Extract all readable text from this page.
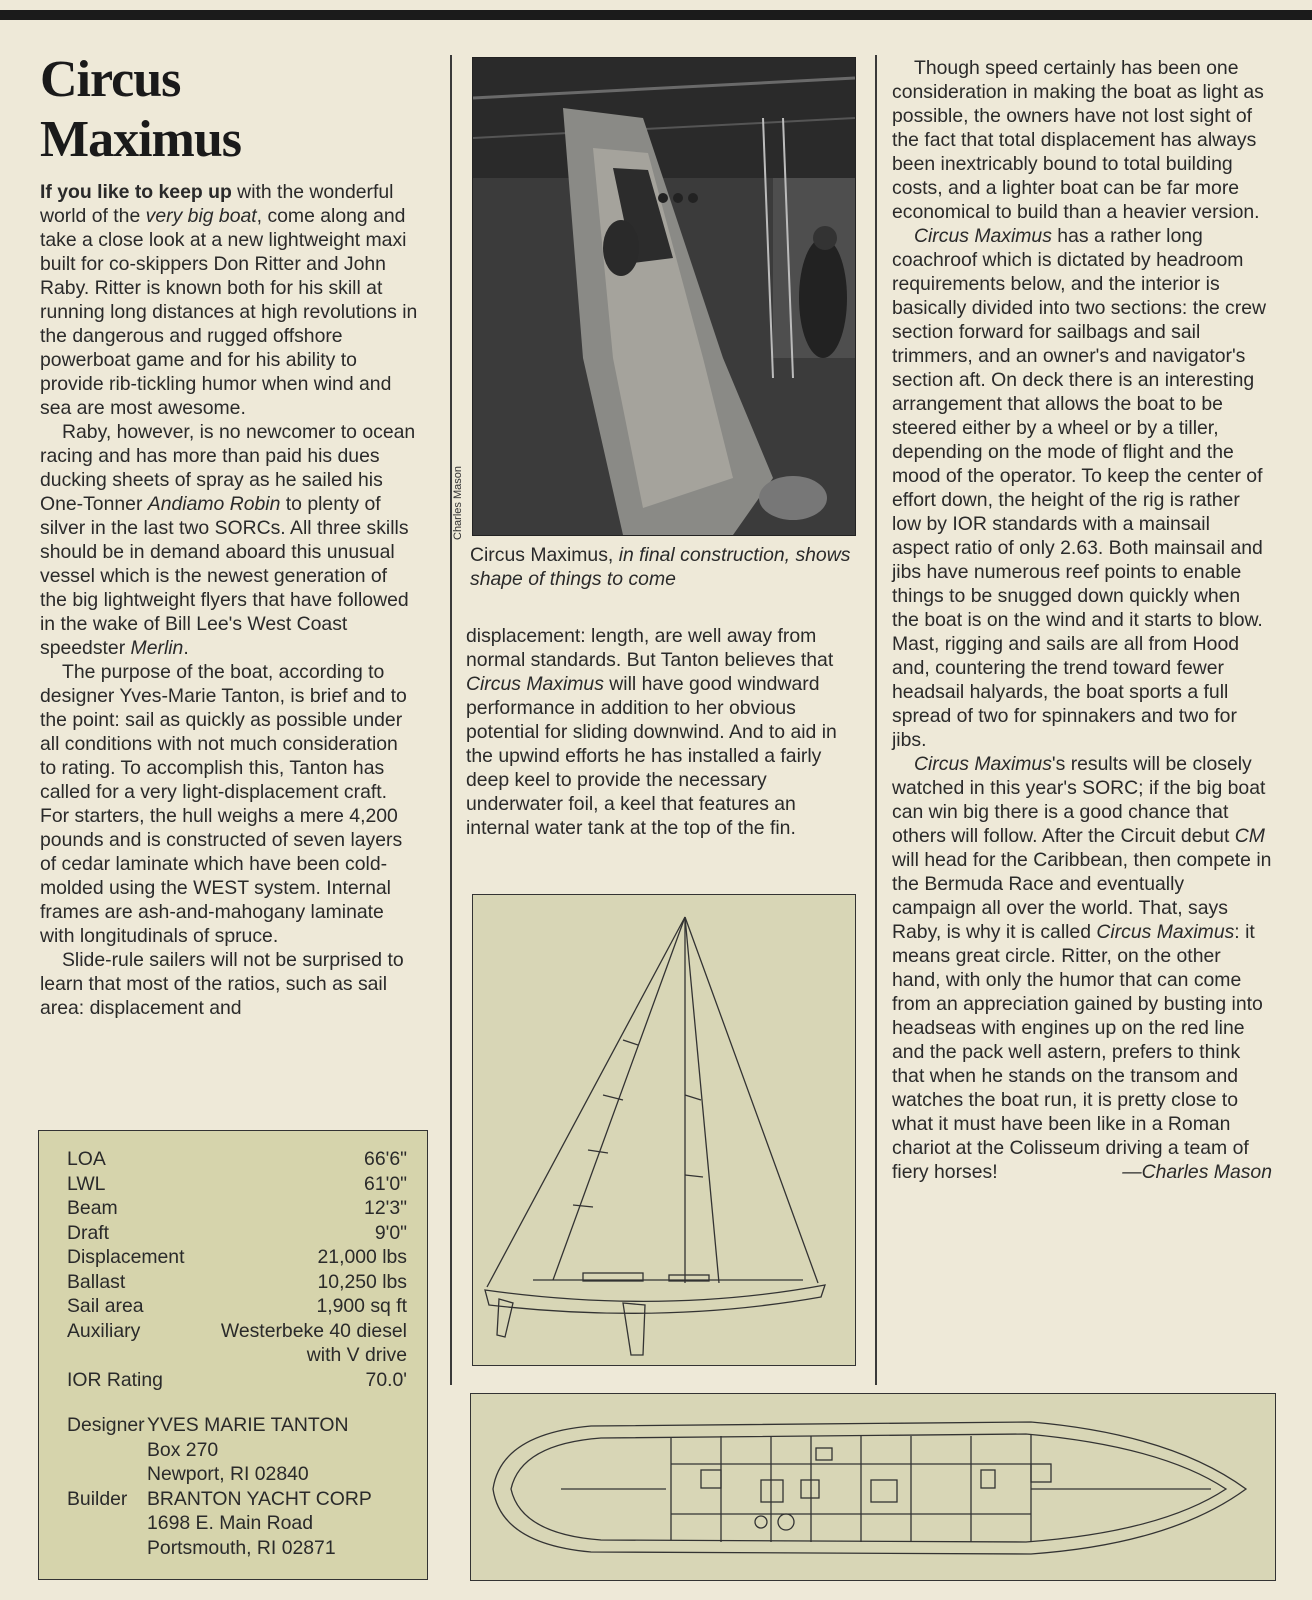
Circus
Maximus

If you like to keep up with the wonderful world of the very big boat, come along and take a close look at a new lightweight maxi built for co-skippers Don Ritter and John Raby. Ritter is known both for his skill at running long distances at high revolutions in the dangerous and rugged offshore powerboat game and for his ability to provide rib-tickling humor when wind and sea are most awesome.

Raby, however, is no newcomer to ocean racing and has more than paid his dues ducking sheets of spray as he sailed his One-Tonner Andiamo Robin to plenty of silver in the last two SORCs. All three skills should be in demand aboard this unusual vessel which is the newest generation of the big lightweight flyers that have followed in the wake of Bill Lee's West Coast speedster Merlin.

The purpose of the boat, according to designer Yves-Marie Tanton, is brief and to the point: sail as quickly as possible under all conditions with not much consideration to rating. To accomplish this, Tanton has called for a very light-displacement craft. For starters, the hull weighs a mere 4,200 pounds and is constructed of seven layers of cedar laminate which have been cold-molded using the WEST system. Internal frames are ash-and-mahogany laminate with longitudinals of spruce.

Slide-rule sailers will not be surprised to learn that most of the ratios, such as sail area: displacement and

Charles Mason
Circus Maximus, in final construction, shows shape of things to come

displacement: length, are well away from normal standards. But Tanton believes that Circus Maximus will have good windward performance in addition to her obvious potential for sliding downwind. And to aid in the upwind efforts he has installed a fairly deep keel to provide the necessary underwater foil, a keel that features an internal water tank at the top of the fin.

Though speed certainly has been one consideration in making the boat as light as possible, the owners have not lost sight of the fact that total displacement has always been inextricably bound to total building costs, and a lighter boat can be far more economical to build than a heavier version.

Circus Maximus has a rather long coachroof which is dictated by headroom requirements below, and the interior is basically divided into two sections: the crew section forward for sailbags and sail trimmers, and an owner's and navigator's section aft. On deck there is an interesting arrangement that allows the boat to be steered either by a wheel or by a tiller, depending on the mode of flight and the mood of the operator. To keep the center of effort down, the height of the rig is rather low by IOR standards with a mainsail aspect ratio of only 2.63. Both mainsail and jibs have numerous reef points to enable things to be snugged down quickly when the boat is on the wind and it starts to blow. Mast, rigging and sails are all from Hood and, countering the trend toward fewer headsail halyards, the boat sports a full spread of two for spinnakers and two for jibs.

Circus Maximus's results will be closely watched in this year's SORC; if the big boat can win big there is a good chance that others will follow. After the Circuit debut CM will head for the Caribbean, then compete in the Bermuda Race and eventually campaign all over the world. That, says Raby, is why it is called Circus Maximus: it means great circle. Ritter, on the other hand, with only the humor that can come from an appreciation gained by busting into headseas with engines up on the red line and the pack well astern, prefers to think that when he stands on the transom and watches the boat run, it is pretty close to what it must have been like in a Roman chariot at the Colisseum driving a team of fiery horses!	—Charles Mason

LOA	66'6"
LWL	61'0"
Beam	12'3"
Draft	9'0"
Displacement	21,000 lbs
Ballast	10,250 lbs
Sail area	1,900 sq ft
Auxiliary	Westerbeke 40 diesel with V drive
IOR Rating	70.0'
Designer YVES MARIE TANTON
Box 270
Newport, RI 02840
Builder	BRANTON YACHT CORP
1698 E. Main Road
Portsmouth, RI 02871
